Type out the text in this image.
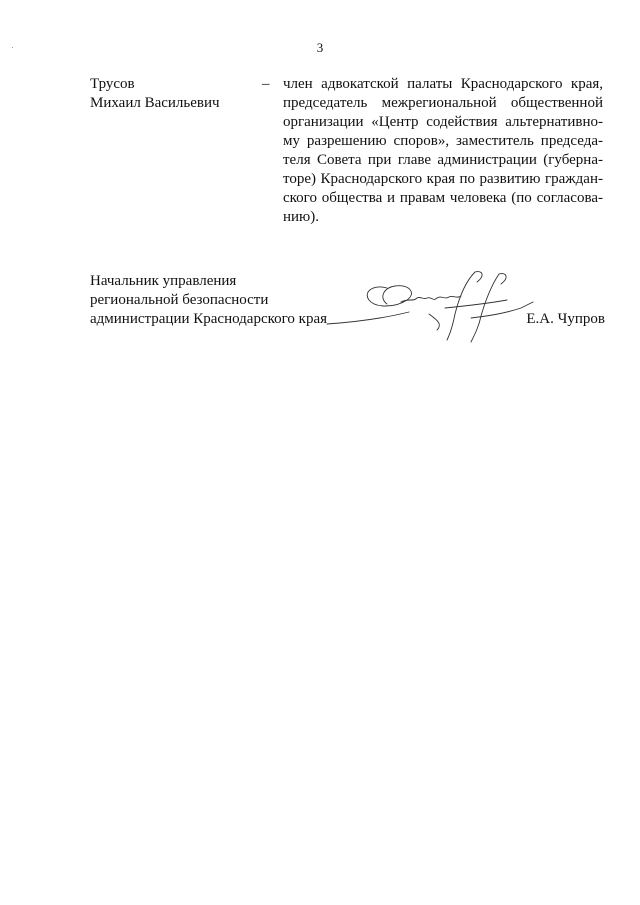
3
Трусов
Михаил Васильевич
– член адвокатской палаты Краснодарского края,
председатель межрегиональной общественной
организации «Центр содействия альтернативно-
му разрешению споров», заместитель председа-
теля Совета при главе администрации (губерна-
торе) Краснодарского края по развитию граждан-
ского общества и правам человека (по согласова-
нию).
Начальник управления
региональной безопасности
администрации Краснодарского края	Е.А. Чупров
